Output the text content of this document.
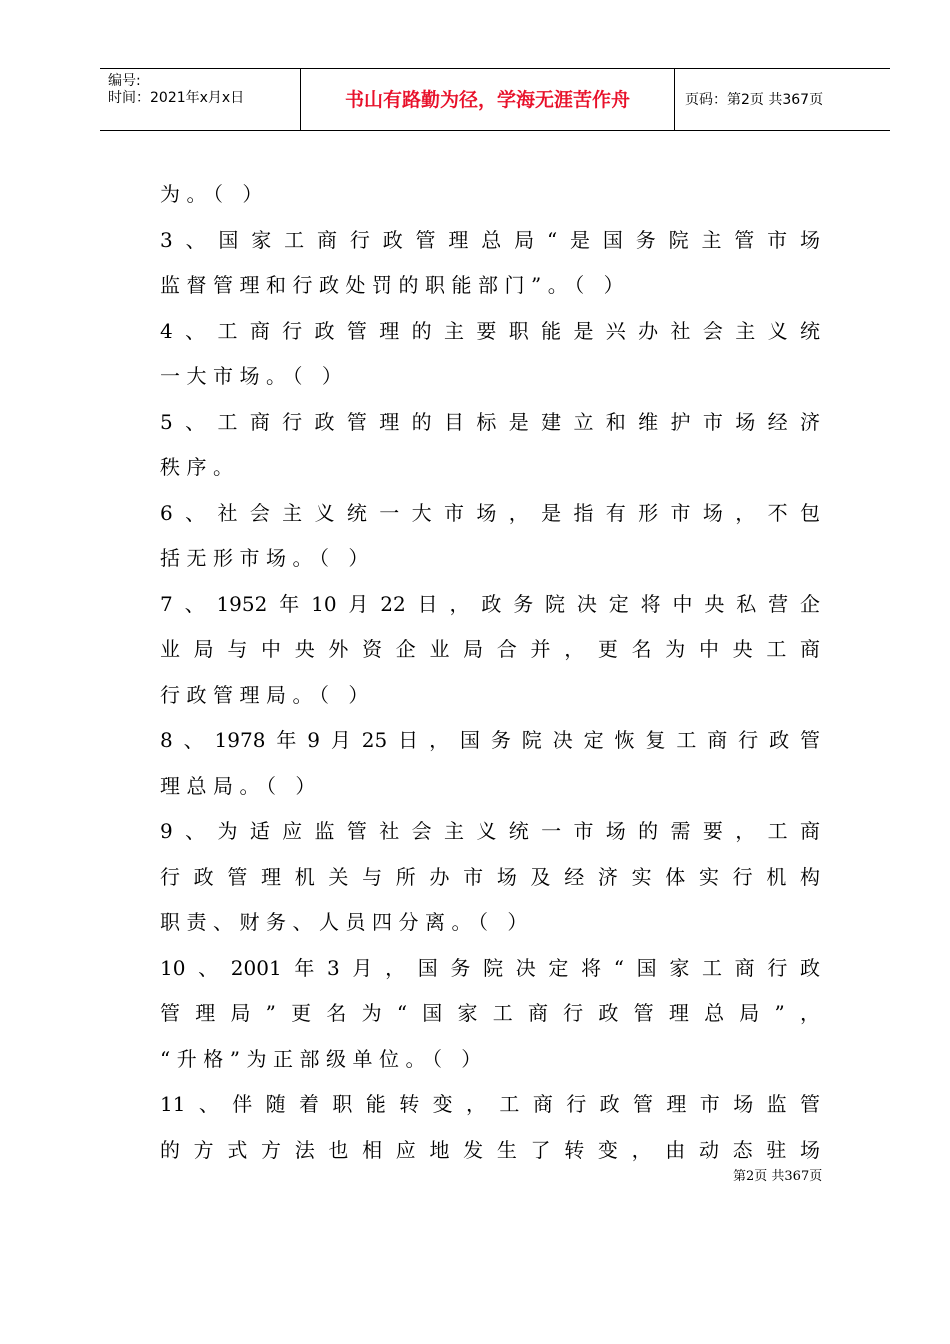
编号:
时间：2021年x月x日	书山有路勤为径，学海无涯苦作舟	页码：第2页 共367页
为。（ ）
3、国家工商行政管理总局“是国务院主管市场
监督管理和行政处罚的职能部门”。（ ）
4、工商行政管理的主要职能是兴办社会主义统
一大市场。（ ）
5、工商行政管理的目标是建立和维护市场经济
秩序。
6、社会主义统一大市场，是指有形市场，不包
括无形市场。（ ）
7、1952年10月22日，政务院决定将中央私营企
业局与中央外资企业局合并，更名为中央工商
行政管理局。（ ）
8、1978年9月25日，国务院决定恢复工商行政管
理总局。（ ）
9、为适应监管社会主义统一市场的需要，工商
行政管理机关与所办市场及经济实体实行机构
职责、财务、人员四分离。（ ）
10、2001年3月，国务院决定将“国家工商行政
管理局”更名为“国家工商行政管理总局”，
“升格”为正部级单位。（ ）
11、伴随着职能转变，工商行政管理市场监管
的方式方法也相应地发生了转变，由动态驻场
第2页 共367页
